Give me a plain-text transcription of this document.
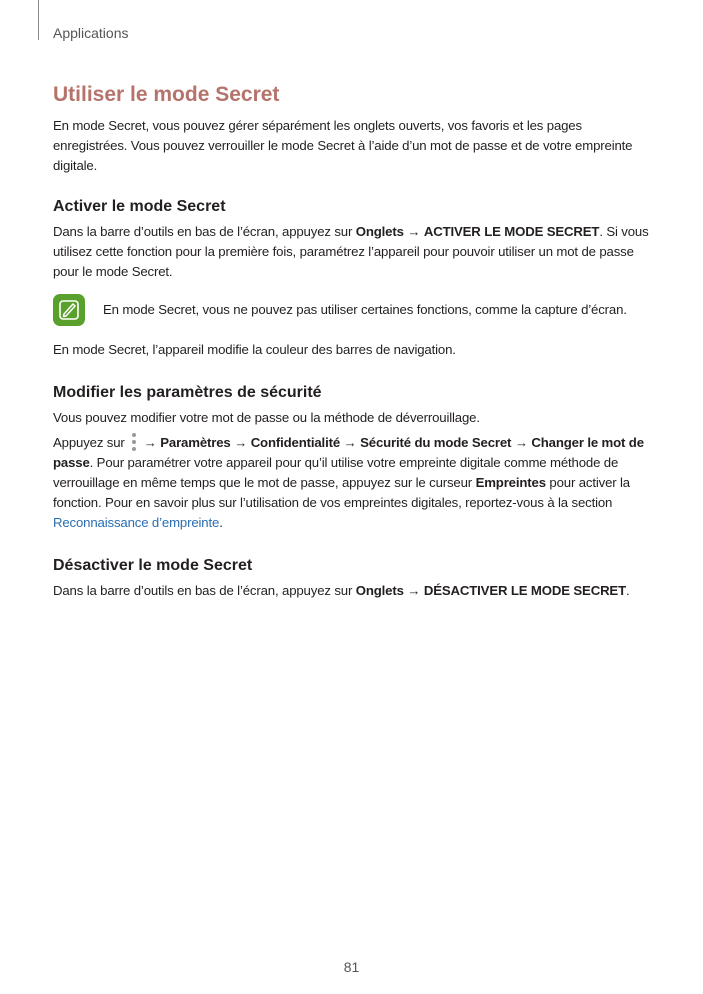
Applications
Utiliser le mode Secret

En mode Secret, vous pouvez gérer séparément les onglets ouverts, vos favoris et les pages enregistrées. Vous pouvez verrouiller le mode Secret à l’aide d’un mot de passe et de votre empreinte digitale.

Activer le mode Secret

Dans la barre d’outils en bas de l’écran, appuyez sur Onglets → ACTIVER LE MODE SECRET. Si vous utilisez cette fonction pour la première fois, paramétrez l’appareil pour pouvoir utiliser un mot de passe pour le mode Secret.

En mode Secret, vous ne pouvez pas utiliser certaines fonctions, comme la capture d’écran.

En mode Secret, l’appareil modifie la couleur des barres de navigation.

Modifier les paramètres de sécurité

Vous pouvez modifier votre mot de passe ou la méthode de déverrouillage.

Appuyez sur
→ Paramètres → Confidentialité → Sécurité du mode Secret → Changer le mot de passe. Pour paramétrer votre appareil pour qu’il utilise votre empreinte digitale comme méthode de verrouillage en même temps que le mot de passe, appuyez sur le curseur Empreintes pour activer la fonction. Pour en savoir plus sur l’utilisation de vos empreintes digitales, reportez-vous à la section Reconnaissance d’empreinte.

Désactiver le mode Secret

Dans la barre d’outils en bas de l’écran, appuyez sur Onglets → DÉSACTIVER LE MODE SECRET.

81
